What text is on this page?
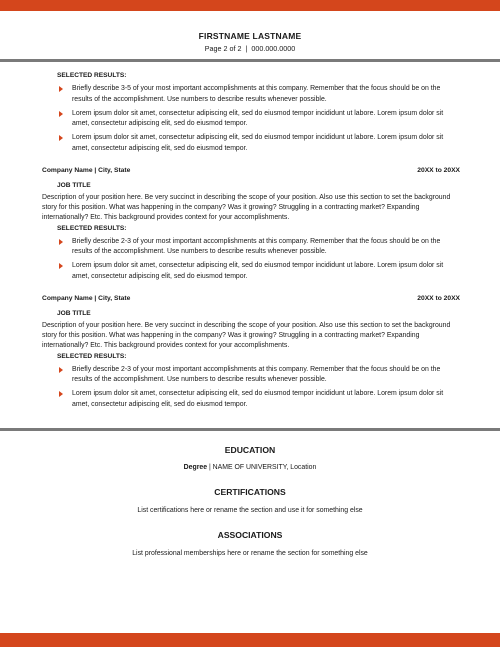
FIRSTNAME LASTNAME
Page 2 of 2  |  000.000.0000
SELECTED RESULTS:
Briefly describe 3-5 of your most important accomplishments at this company. Remember that the focus should be on the results of the accomplishment. Use numbers to describe results whenever possible.
Lorem ipsum dolor sit amet, consectetur adipiscing elit, sed do eiusmod tempor incididunt ut labore. Lorem ipsum dolor sit amet, consectetur adipiscing elit, sed do eiusmod tempor.
Lorem ipsum dolor sit amet, consectetur adipiscing elit, sed do eiusmod tempor incididunt ut labore. Lorem ipsum dolor sit amet, consectetur adipiscing elit, sed do eiusmod tempor.
Company Name | City, State	20XX to 20XX
JOB TITLE
Description of your position here. Be very succinct in describing the scope of your position. Also use this section to set the background story for this position. What was happening in the company? Was it growing? Struggling in a contracting market? Expanding internationally? Etc. This background provides context for your accomplishments.
SELECTED RESULTS:
Briefly describe 2-3 of your most important accomplishments at this company. Remember that the focus should be on the results of the accomplishment. Use numbers to describe results whenever possible.
Lorem ipsum dolor sit amet, consectetur adipiscing elit, sed do eiusmod tempor incididunt ut labore. Lorem ipsum dolor sit amet, consectetur adipiscing elit, sed do eiusmod tempor.
Company Name | City, State	20XX to 20XX
JOB TITLE
Description of your position here. Be very succinct in describing the scope of your position. Also use this section to set the background story for this position. What was happening in the company? Was it growing? Struggling in a contracting market? Expanding internationally? Etc. This background provides context for your accomplishments.
SELECTED RESULTS:
Briefly describe 2-3 of your most important accomplishments at this company. Remember that the focus should be on the results of the accomplishment. Use numbers to describe results whenever possible.
Lorem ipsum dolor sit amet, consectetur adipiscing elit, sed do eiusmod tempor incididunt ut labore. Lorem ipsum dolor sit amet, consectetur adipiscing elit, sed do eiusmod tempor.
EDUCATION
Degree | NAME OF UNIVERSITY, Location
CERTIFICATIONS
List certifications here or rename the section and use it for something else
ASSOCIATIONS
List professional memberships here or rename the section for something else
